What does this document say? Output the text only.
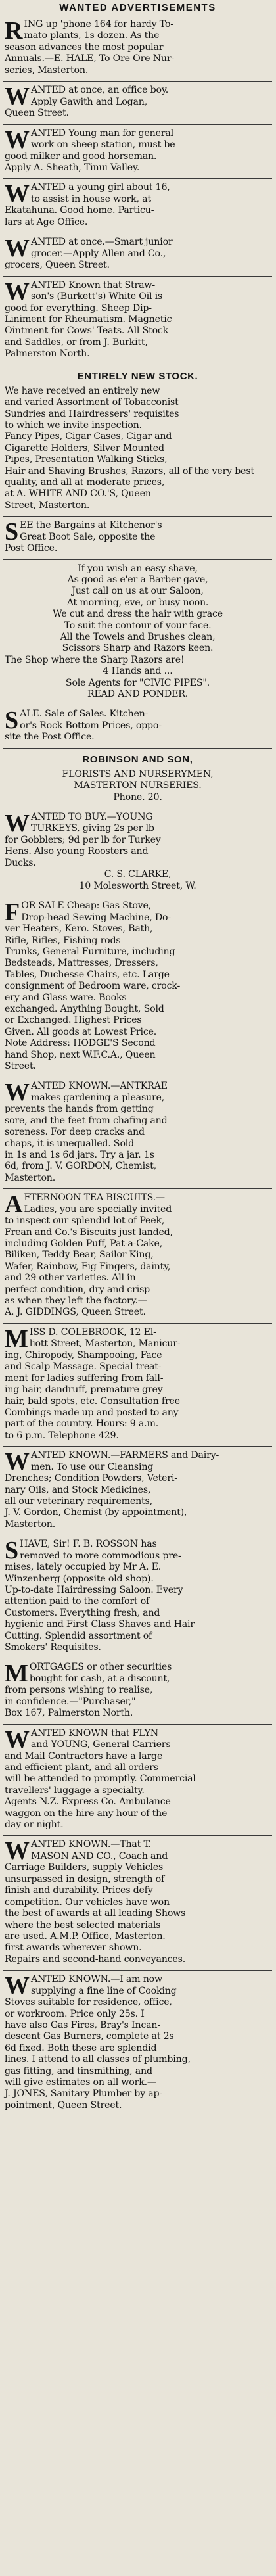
WANTED ADVERTISEMENTS
R ING up 'phone 164 for hardy To-
mato plants, 1s dozen. As the
season advances the most popular
Annuals.—E. HALE, To Ore Ore Nur-
series, Masterton.
W ANTED at once, an office boy.
Apply Gawith and Logan,
Queen Street.
W ANTED Young man for general
work on sheep station, must be
good milker and good horseman.
Apply A. Sheath, Tinui Valley.
W ANTED a young girl about 16,
to assist in house work, at
Ekatahuna. Good home. Particu-
lars at Age Office.
W ANTED at once.—Smart junior
grocer.—Apply Allen and Co.,
grocers, Queen Street.
W ANTED Known that Straw-
son's (Burkett's) White Oil is
good for everything. Sheep Dip-
Liniment for Rheumatism. Magnetic
Ointment for Cows' Teats. All Stock
and Saddles, or from J. Burkitt,
Palmerston North.
ENTIRELY NEW STOCK.
We have received an entirely new
and varied Assortment of Tobacconist
Sundries and Hairdressers' requisites
to which we invite inspection.
Fancy Pipes, Cigar Cases, Cigar and
Cigarette Holders, Silver Mounted
Pipes, Presentation Walking Sticks,
Hair and Shaving Brushes, Razors, all of the very best
quality, and all at moderate prices,
at A. WHITE AND CO.'S, Queen
Street, Masterton.
S EE the Bargains at Kitchenor's
Great Boot Sale, opposite the
Post Office.
If you wish an easy shave,
As good as e'er a Barber gave,
Just call on us at our Saloon,
At morning, eve, or busy noon.
We cut and dress the hair with grace
To suit the contour of your face.
All the Towels and Brushes clean,
Scissors Sharp and Razors keen.
The Shop where the Sharp Razors are!
4 Hands and ...
Sole Agents for "CIVIC PIPES".
READ AND PONDER.
S ALE. Sale of Sales. Kitchen-
or's Rock Bottom Prices, oppo-
site the Post Office.
ROBINSON AND SON,
FLORISTS AND NURSERYMEN,
MASTERTON NURSERIES.
Phone. 20.
W ANTED TO BUY.—YOUNG
TURKEYS, giving 2s per lb
for Gobblers; 9d per lb for Turkey
Hens. Also young Roosters and
Ducks.
C. S. CLARKE,
10 Molesworth Street, W.
F OR SALE Cheap: Gas Stove,
Drop-head Sewing Machine, Do-
ver Heaters, Kero. Stoves, Bath,
Rifle, Rifles, Fishing rods
Trunks, General Furniture, including
Bedsteads, Mattresses, Dressers,
Tables, Duchesse Chairs, etc. Large
consignment of Bedroom ware, crock-
ery and Glass ware. Books
exchanged. Anything Bought, Sold
or Exchanged. Highest Prices
Given. All goods at Lowest Price.
Note Address: HODGE'S Second
hand Shop, next W.F.C.A., Queen
Street.
W ANTED KNOWN.—ANTKRAE
makes gardening a pleasure,
prevents the hands from getting
sore, and the feet from chafing and
soreness. For deep cracks and
chaps, it is unequalled. Sold
in 1s and 1s 6d jars. Try a jar. 1s
6d, from J. V. GORDON, Chemist,
Masterton.
A FTERNOON TEA BISCUITS.—
Ladies, you are specially invited
to inspect our splendid lot of Peek,
Frean and Co.'s Biscuits just landed,
including Golden Puff, Pat-a-Cake,
Biliken, Teddy Bear, Sailor King,
Wafer, Rainbow, Fig Fingers, dainty,
and 29 other varieties. All in
perfect condition, dry and crisp
as when they left the factory.—
A. J. GIDDINGS, Queen Street.
M ISS D. COLEBROOK, 12 El-
liott Street, Masterton, Manicur-
ing, Chiropody, Shampooing, Face
and Scalp Massage. Special treat-
ment for ladies suffering from fall-
ing hair, dandruff, premature grey
hair, bald spots, etc. Consultation free
Combings made up and posted to any
part of the country. Hours: 9 a.m.
to 6 p.m. Telephone 429.
W ANTED KNOWN.—FARMERS and Dairy-
men. To use our Cleansing
Drenches; Condition Powders, Veteri-
nary Oils, and Stock Medicines,
all our veterinary requirements,
J. V. Gordon, Chemist (by appointment),
Masterton.
S HAVE, Sir! F. B. ROSSON has
removed to more commodious pre-
mises, lately occupied by Mr A. E.
Winzenberg (opposite old shop).
Up-to-date Hairdressing Saloon. Every
attention paid to the comfort of
Customers. Everything fresh, and
hygienic and First Class Shaves and Hair
Cutting. Splendid assortment of
Smokers' Requisites.
M ORTGAGES or other securities
bought for cash, at a discount,
from persons wishing to realise,
in confidence.—"Purchaser,"
Box 167, Palmerston North.
W ANTED KNOWN that FLYN
and YOUNG, General Carriers
and Mail Contractors have a large
and efficient plant, and all orders
will be attended to promptly. Commercial
travellers' luggage a specialty.
Agents N.Z. Express Co. Ambulance
waggon on the hire any hour of the
day or night.
W ANTED KNOWN.—That T.
MASON AND CO., Coach and
Carriage Builders, supply Vehicles
unsurpassed in design, strength of
finish and durability. Prices defy
competition. Our vehicles have won
the best of awards at all leading Shows
where the best selected materials
are used. A.M.P. Office, Masterton.
first awards wherever shown.
Repairs and second-hand conveyances.
W ANTED KNOWN.—I am now
supplying a fine line of Cooking
Stoves suitable for residence, office,
or workroom. Price only 25s. I
have also Gas Fires, Bray's Incan-
descent Gas Burners, complete at 2s
6d fixed. Both these are splendid
lines. I attend to all classes of plumbing,
gas fitting, and tinsmithing, and
will give estimates on all work.—
J. JONES, Sanitary Plumber by ap-
pointment, Queen Street.
